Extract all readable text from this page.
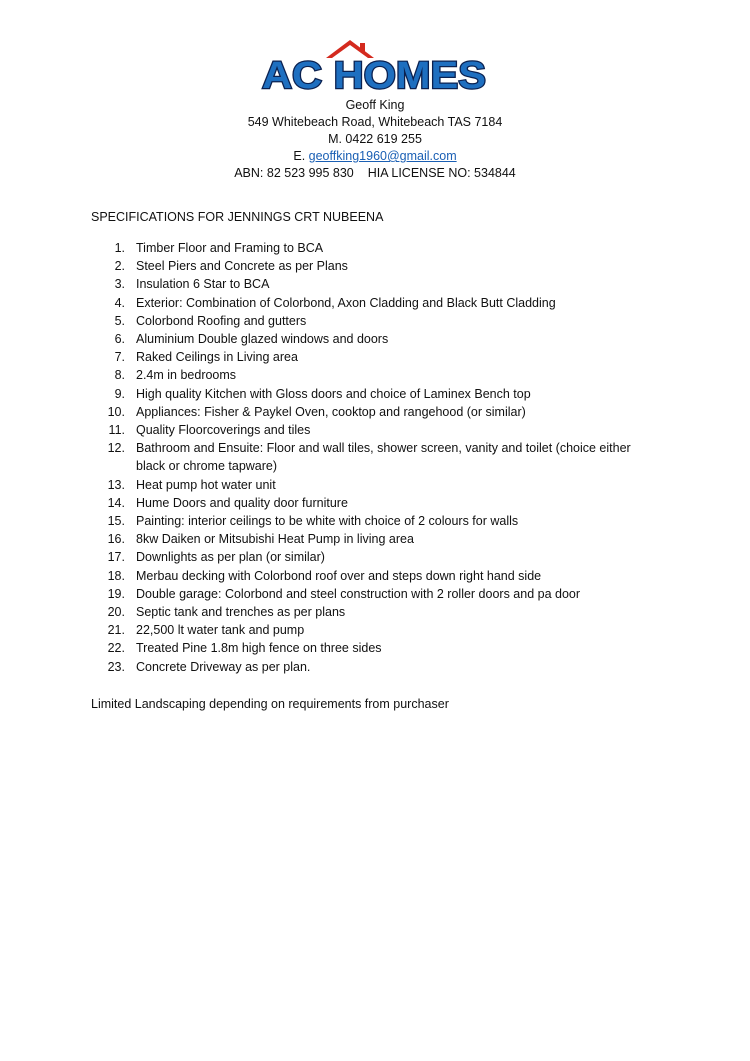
AC HOMES
Geoff King
549 Whitebeach Road, Whitebeach TAS 7184
M. 0422 619 255
E. geoffking1960@gmail.com
ABN: 82 523 995 830 HIA LICENSE NO: 534844
SPECIFICATIONS FOR JENNINGS CRT NUBEENA
1. Timber Floor and Framing to BCA
2. Steel Piers and Concrete as per Plans
3. Insulation 6 Star to BCA
4. Exterior: Combination of Colorbond, Axon Cladding and Black Butt Cladding
5. Colorbond Roofing and gutters
6. Aluminium Double glazed windows and doors
7. Raked Ceilings in Living area
8. 2.4m in bedrooms
9. High quality Kitchen with Gloss doors and choice of Laminex Bench top
10. Appliances: Fisher & Paykel Oven, cooktop and rangehood (or similar)
11. Quality Floorcoverings and tiles
12. Bathroom and Ensuite: Floor and wall tiles, shower screen, vanity and toilet (choice either black or chrome tapware)
13. Heat pump hot water unit
14. Hume Doors and quality door furniture
15. Painting: interior ceilings to be white with choice of 2 colours for walls
16. 8kw Daiken or Mitsubishi Heat Pump in living area
17. Downlights as per plan (or similar)
18. Merbau decking with Colorbond roof over and steps down right hand side
19. Double garage: Colorbond and steel construction with 2 roller doors and pa door
20. Septic tank and trenches as per plans
21. 22,500 lt water tank and pump
22. Treated Pine 1.8m high fence on three sides
23. Concrete Driveway as per plan.
Limited Landscaping depending on requirements from purchaser
